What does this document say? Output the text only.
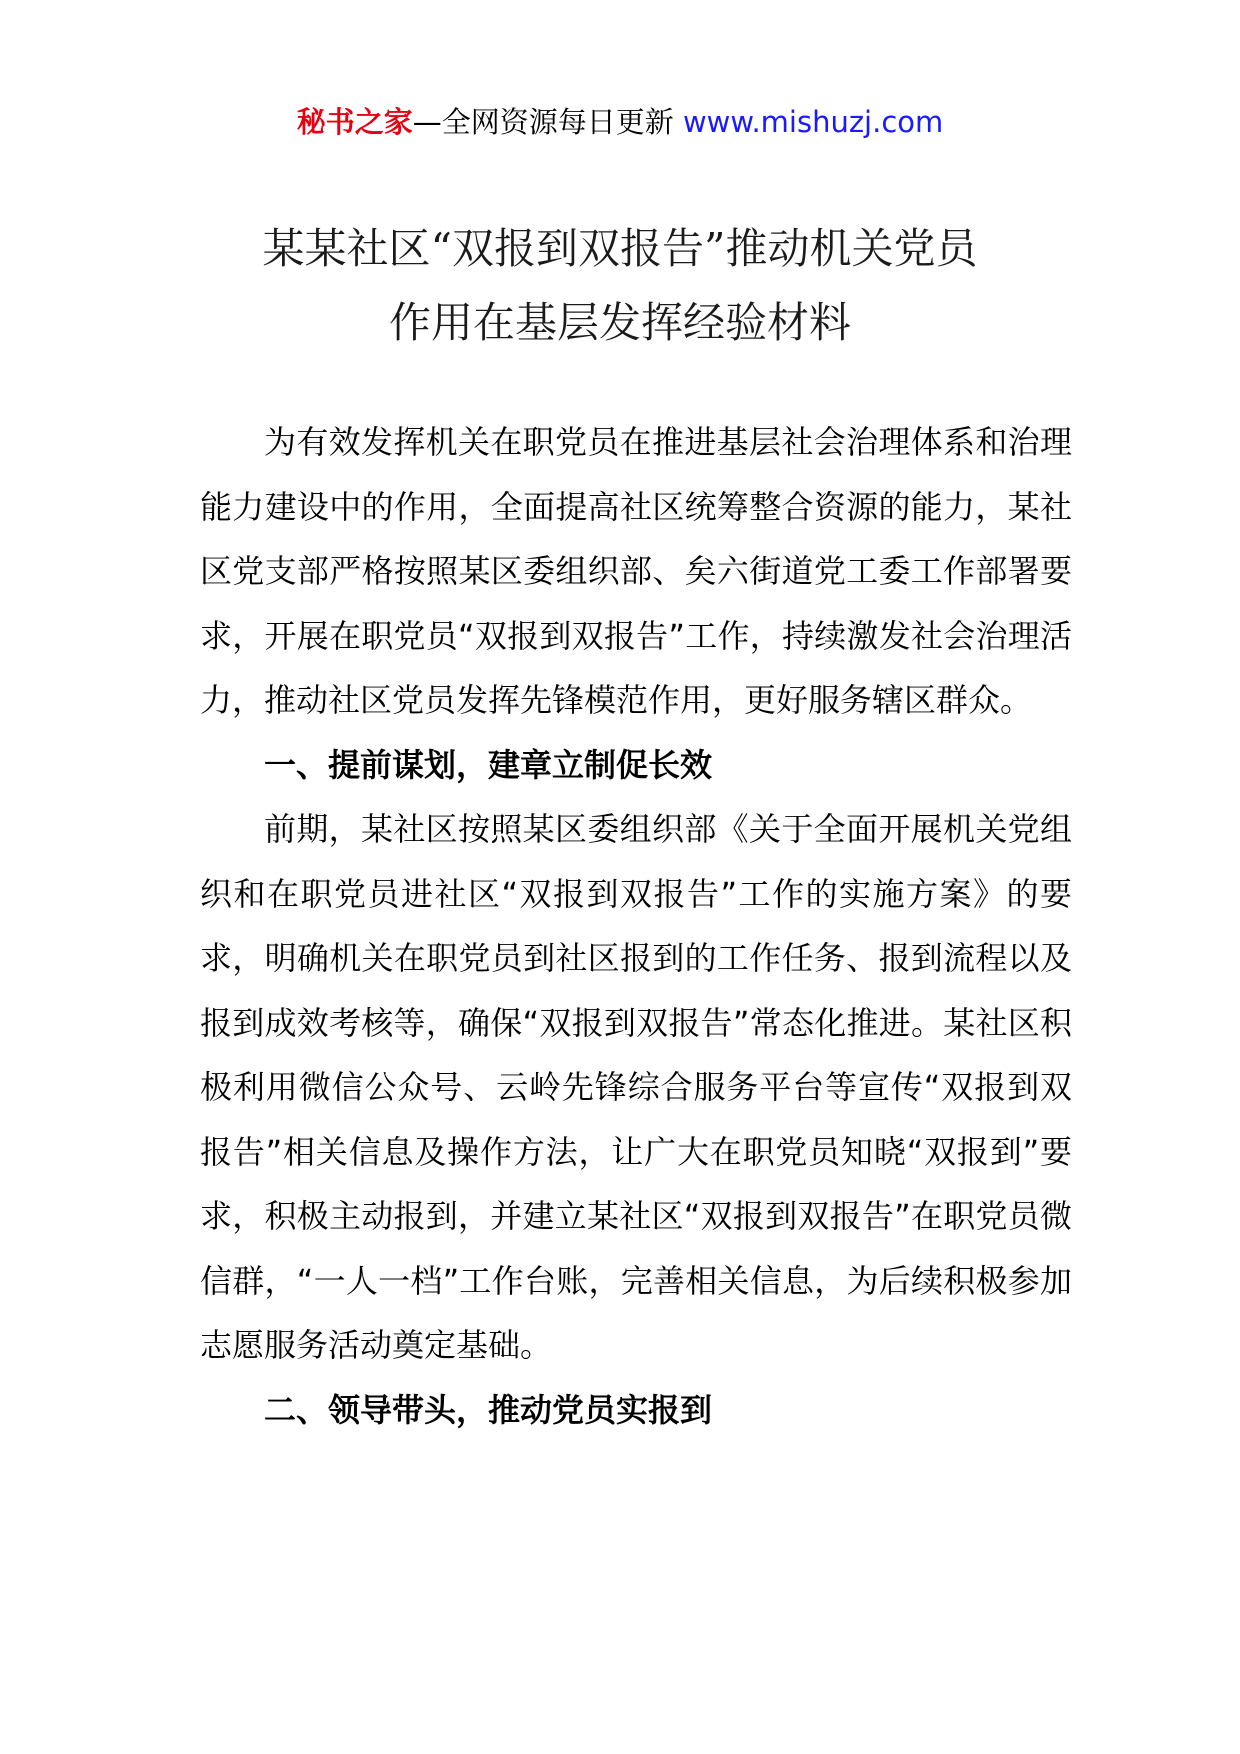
秘书之家—全网资源每日更新 www.mishuzj.com
某某社区“双报到双报告”推动机关党员
作用在基层发挥经验材料

为有效发挥机关在职党员在推进基层社会治理体系和治理能力建设中的作用，全面提高社区统筹整合资源的能力，某社区党支部严格按照某区委组织部、矣六街道党工委工作部署要求，开展在职党员“双报到双报告”工作，持续激发社会治理活力，推动社区党员发挥先锋模范作用，更好服务辖区群众。

一、提前谋划，建章立制促长效

前期，某社区按照某区委组织部《关于全面开展机关党组织和在职党员进社区“双报到双报告”工作的实施方案》的要求，明确机关在职党员到社区报到的工作任务、报到流程以及报到成效考核等，确保“双报到双报告”常态化推进。某社区积极利用微信公众号、云岭先锋综合服务平台等宣传“双报到双报告”相关信息及操作方法，让广大在职党员知晓“双报到”要求，积极主动报到，并建立某社区“双报到双报告”在职党员微信群，“一人一档”工作台账，完善相关信息，为后续积极参加志愿服务活动奠定基础。

二、领导带头，推动党员实报到
